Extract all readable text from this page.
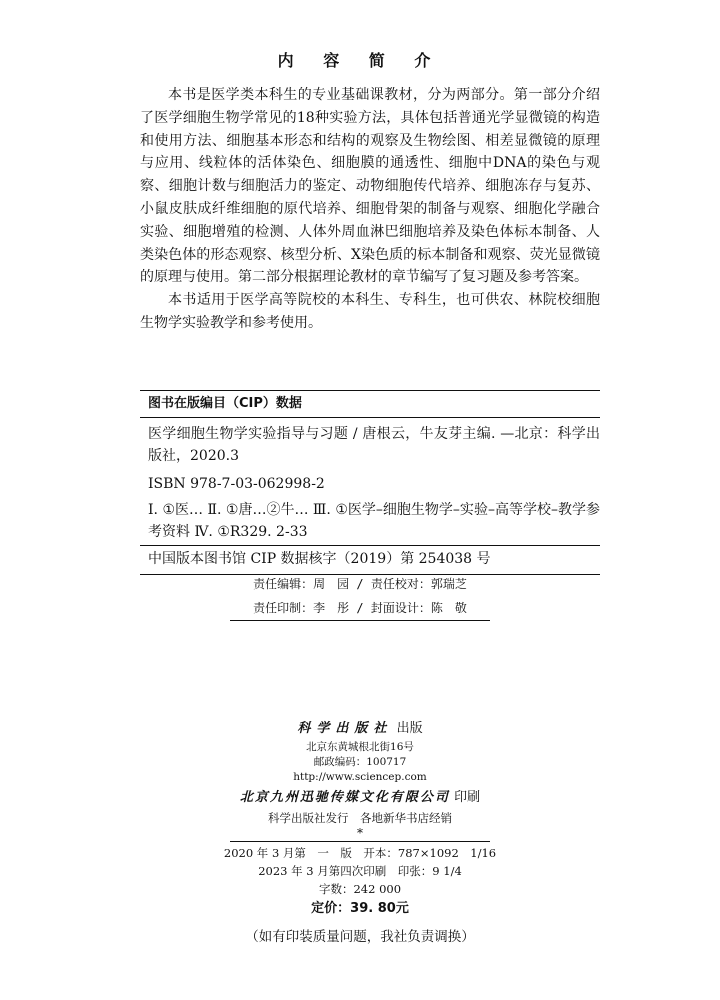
内 容 简 介

本书是医学类本科生的专业基础课教材，分为两部分。第一部分介绍了医学细胞生物学常见的18种实验方法，具体包括普通光学显微镜的构造和使用方法、细胞基本形态和结构的观察及生物绘图、相差显微镜的原理与应用、线粒体的活体染色、细胞膜的通透性、细胞中DNA的染色与观察、细胞计数与细胞活力的鉴定、动物细胞传代培养、细胞冻存与复苏、小鼠皮肤成纤维细胞的原代培养、细胞骨架的制备与观察、细胞化学融合实验、细胞增殖的检测、人体外周血淋巴细胞培养及染色体标本制备、人类染色体的形态观察、核型分析、X染色质的标本制备和观察、荧光显微镜的原理与使用。第二部分根据理论教材的章节编写了复习题及参考答案。

本书适用于医学高等院校的本科生、专科生，也可供农、林院校细胞生物学实验教学和参考使用。

图书在版编目（CIP）数据
医学细胞生物学实验指导与习题 / 唐根云，牛友芽主编. —北京：科学出版社，2020.3
ISBN 978-7-03-062998-2
Ⅰ. ①医… Ⅱ. ①唐…②牛… Ⅲ. ①医学–细胞生物学–实验–高等学校–教学参考资料 Ⅳ. ①R329. 2-33
中国版本图书馆 CIP 数据核字（2019）第 254038 号
责任编辑：周　园 / 责任校对：郭瑞芝
责任印制：李　彤 / 封面设计：陈　敬
科学出版社 出版
北京东黄城根北街16号
邮政编码：100717
http://www.sciencep.com
北京九州迅驰传媒文化有限公司 印刷
科学出版社发行　各地新华书店经销
*
2020 年 3 月第　一　版　开本：787×1092　1/16
2023 年 3 月第四次印刷　印张：9 1/4
字数：242 000
定价：39. 80元
（如有印装质量问题，我社负责调换）
